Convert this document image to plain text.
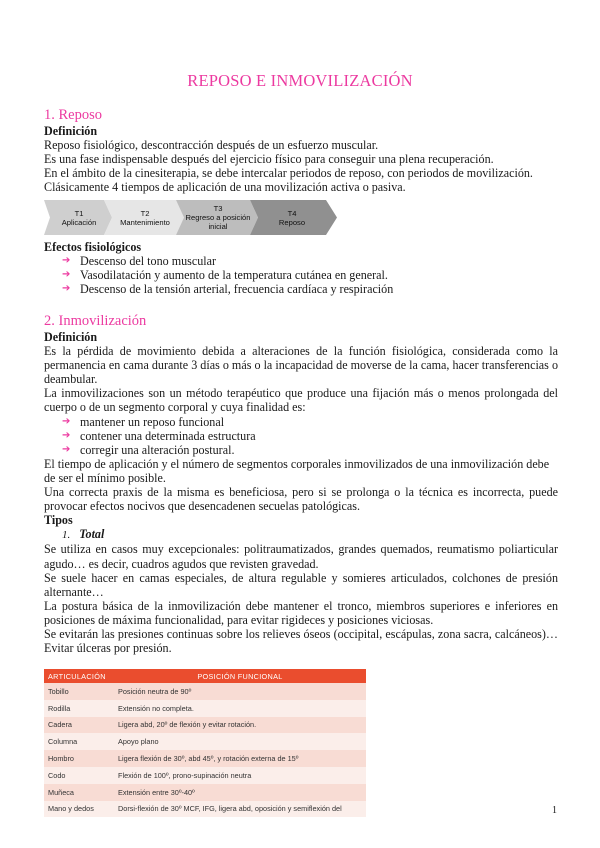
REPOSO E INMOVILIZACIÓN
1. Reposo
Definición

Reposo fisiológico, descontracción después de un esfuerzo muscular.

Es una fase indispensable después del ejercicio físico para conseguir una plena recuperación.

En el ámbito de la cinesiterapia, se debe intercalar periodos de reposo, con periodos de movilización.

Clásicamente 4 tiempos de aplicación de una movilización activa o pasiva.

T1
Aplicación
T2
Mantenimiento
T3
Regreso a posición inicial
T4
Reposo
Efectos fisiológicos
➔ Descenso del tono muscular
➔ Vasodilatación y aumento de la temperatura cutánea en general.
➔ Descenso de la tensión arterial, frecuencia cardíaca y respiración
2. Inmovilización
Definición

Es la pérdida de movimiento debida a alteraciones de la función fisiológica, considerada como la permanencia en cama durante 3 días o más o la incapacidad de moverse de la cama, hacer transferencias o deambular.

La inmovilizaciones son un método terapéutico que produce una fijación más o menos prolongada del cuerpo o de un segmento corporal y cuya finalidad es:

➔ mantener un reposo funcional
➔ contener una determinada estructura
➔ corregir una alteración postural.

El tiempo de aplicación y el número de segmentos corporales inmovilizados de una inmovilización debe de ser el mínimo posible.

Una correcta praxis de la misma es beneficiosa, pero si se prolonga o la técnica es incorrecta, puede provocar efectos nocivos que desencadenen secuelas patológicas.

Tipos
1. Total

Se utiliza en casos muy excepcionales: politraumatizados, grandes quemados, reumatismo poliarticular agudo… es decir, cuadros agudos que revisten gravedad.

Se suele hacer en camas especiales, de altura regulable y somieres articulados, colchones de presión alternante…

La postura básica de la inmovilización debe mantener el tronco, miembros superiores e inferiores en posiciones de máxima funcionalidad, para evitar rigideces y posiciones viciosas.

Se evitarán las presiones continuas sobre los relieves óseos (occipital, escápulas, zona sacra, calcáneos)… Evitar úlceras por presión.

ARTICULACIÓN	POSICIÓN FUNCIONAL
Tobillo	Posición neutra de 90º
Rodilla	Extensión no completa.
Cadera	Ligera abd, 20º de flexión y evitar rotación.
Columna	Apoyo plano
Hombro	Ligera flexión de 30º, abd 45º, y rotación externa de 15º
Codo	Flexión de 100º, prono-supinación neutra
Muñeca	Extensión entre 30º-40º
Mano y dedos	Dorsi-flexión de 30º MCF, IFG, ligera abd, oposición y semiflexión del	1
